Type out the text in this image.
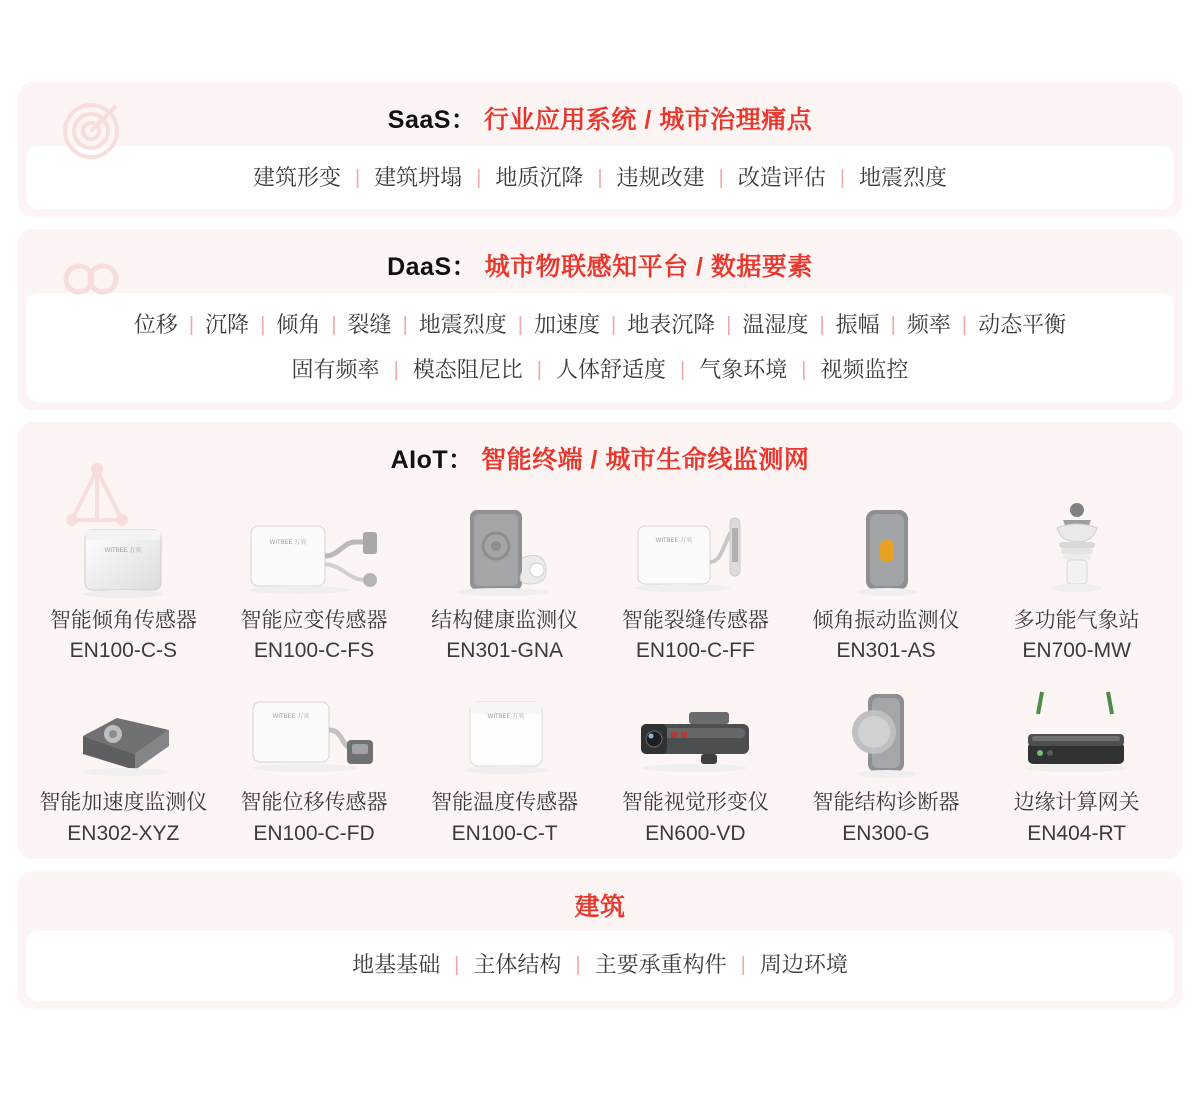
SaaS： 行业应用系统 / 城市治理痛点
建筑形变 | 建筑坍塌 | 地质沉降 | 违规改建 | 改造评估 | 地震烈度
DaaS： 城市物联感知平台 / 数据要素
位移 | 沉降 | 倾角 | 裂缝 | 地震烈度 | 加速度 | 地表沉降 | 温湿度 | 振幅 | 频率 | 动态平衡
固有频率 | 模态阻尼比 | 人体舒适度 | 气象环境 | 视频监控
AIoT： 智能终端 / 城市生命线监测网
WITBEE 万宾
智能倾角传感器
EN100-C-S
WITBEE 万宾
智能应变传感器
EN100-C-FS
结构健康监测仪
EN301-GNA
WITBEE 万宾
智能裂缝传感器
EN100-C-FF
倾角振动监测仪
EN301-AS
多功能气象站
EN700-MW
智能加速度监测仪
EN302-XYZ
WITBEE 万宾
智能位移传感器
EN100-C-FD
WITBEE 万宾
智能温度传感器
EN100-C-T
智能视觉形变仪
EN600-VD
智能结构诊断器
EN300-G
边缘计算网关
EN404-RT
建筑
地基基础 | 主体结构 | 主要承重构件 | 周边环境
